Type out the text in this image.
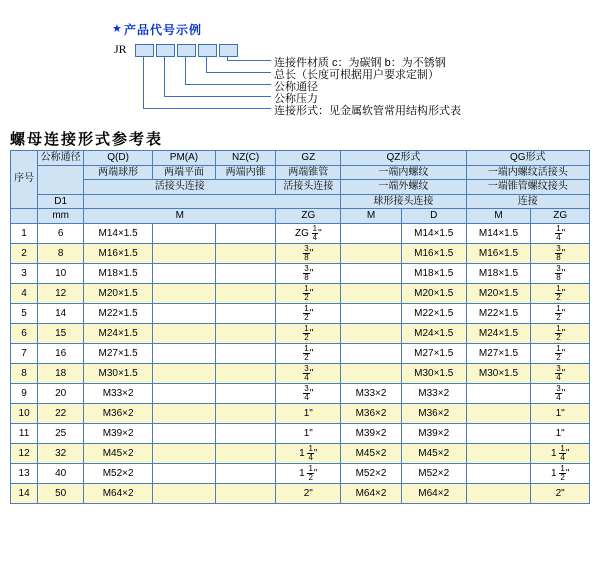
★ 产品代号示例
JR
连接件材质 c：为碳钢 b：为不锈钢
总长（长度可根据用户要求定制）
公称通径
公称压力
连接形式：见金属软管常用结构形式表
螺母连接形式参考表
序号	公称通径	Q(D)	PM(A)	NZ(C)	GZ	QZ形式		QG形式	
		两端球形	两端平面	两端内锥	两端锥管	一端内螺纹		一端内螺纹活接头	
		活接头连接			活接头连接	一端外螺纹		一端锥管螺纹接头	
	D1					球形接头连接		连接	
	mm	M			ZG	M	D	M	ZG
1	6	M14×1.5			ZG $\frac{1}{4}$ "		M14×1.5	M14×1.5	$\frac{1}{4}$ "
2	8	M16×1.5			$\frac{3}{8}$ "		M16×1.5	M16×1.5	$\frac{3}{8}$ "
3	10	M18×1.5			$\frac{3}{8}$ "		M18×1.5	M18×1.5	$\frac{3}{8}$ "
4	12	M20×1.5			$\frac{1}{2}$ "		M20×1.5	M20×1.5	$\frac{1}{2}$ "
5	14	M22×1.5			$\frac{1}{2}$ "		M22×1.5	M22×1.5	$\frac{1}{2}$ "
6	15	M24×1.5			$\frac{1}{2}$ "		M24×1.5	M24×1.5	$\frac{1}{2}$ "
7	16	M27×1.5			$\frac{1}{2}$ "		M27×1.5	M27×1.5	$\frac{1}{2}$ "
8	18	M30×1.5			$\frac{3}{4}$ "		M30×1.5	M30×1.5	$\frac{3}{4}$ "
9	20	M33×2			$\frac{3}{4}$ "	M33×2	M33×2		$\frac{3}{4}$ "
10	22	M36×2			1"	M36×2	M36×2		1"
11	25	M39×2			1"	M39×2	M39×2		1"
12	32	M45×2			$1 \frac{1}{4}$ "	M45×2	M45×2		$1 \frac{1}{4}$ "
13	40	M52×2			$1 \frac{1}{2}$ "	M52×2	M52×2		$1 \frac{1}{2}$ "
14	50	M64×2			2"	M64×2	M64×2		2"
